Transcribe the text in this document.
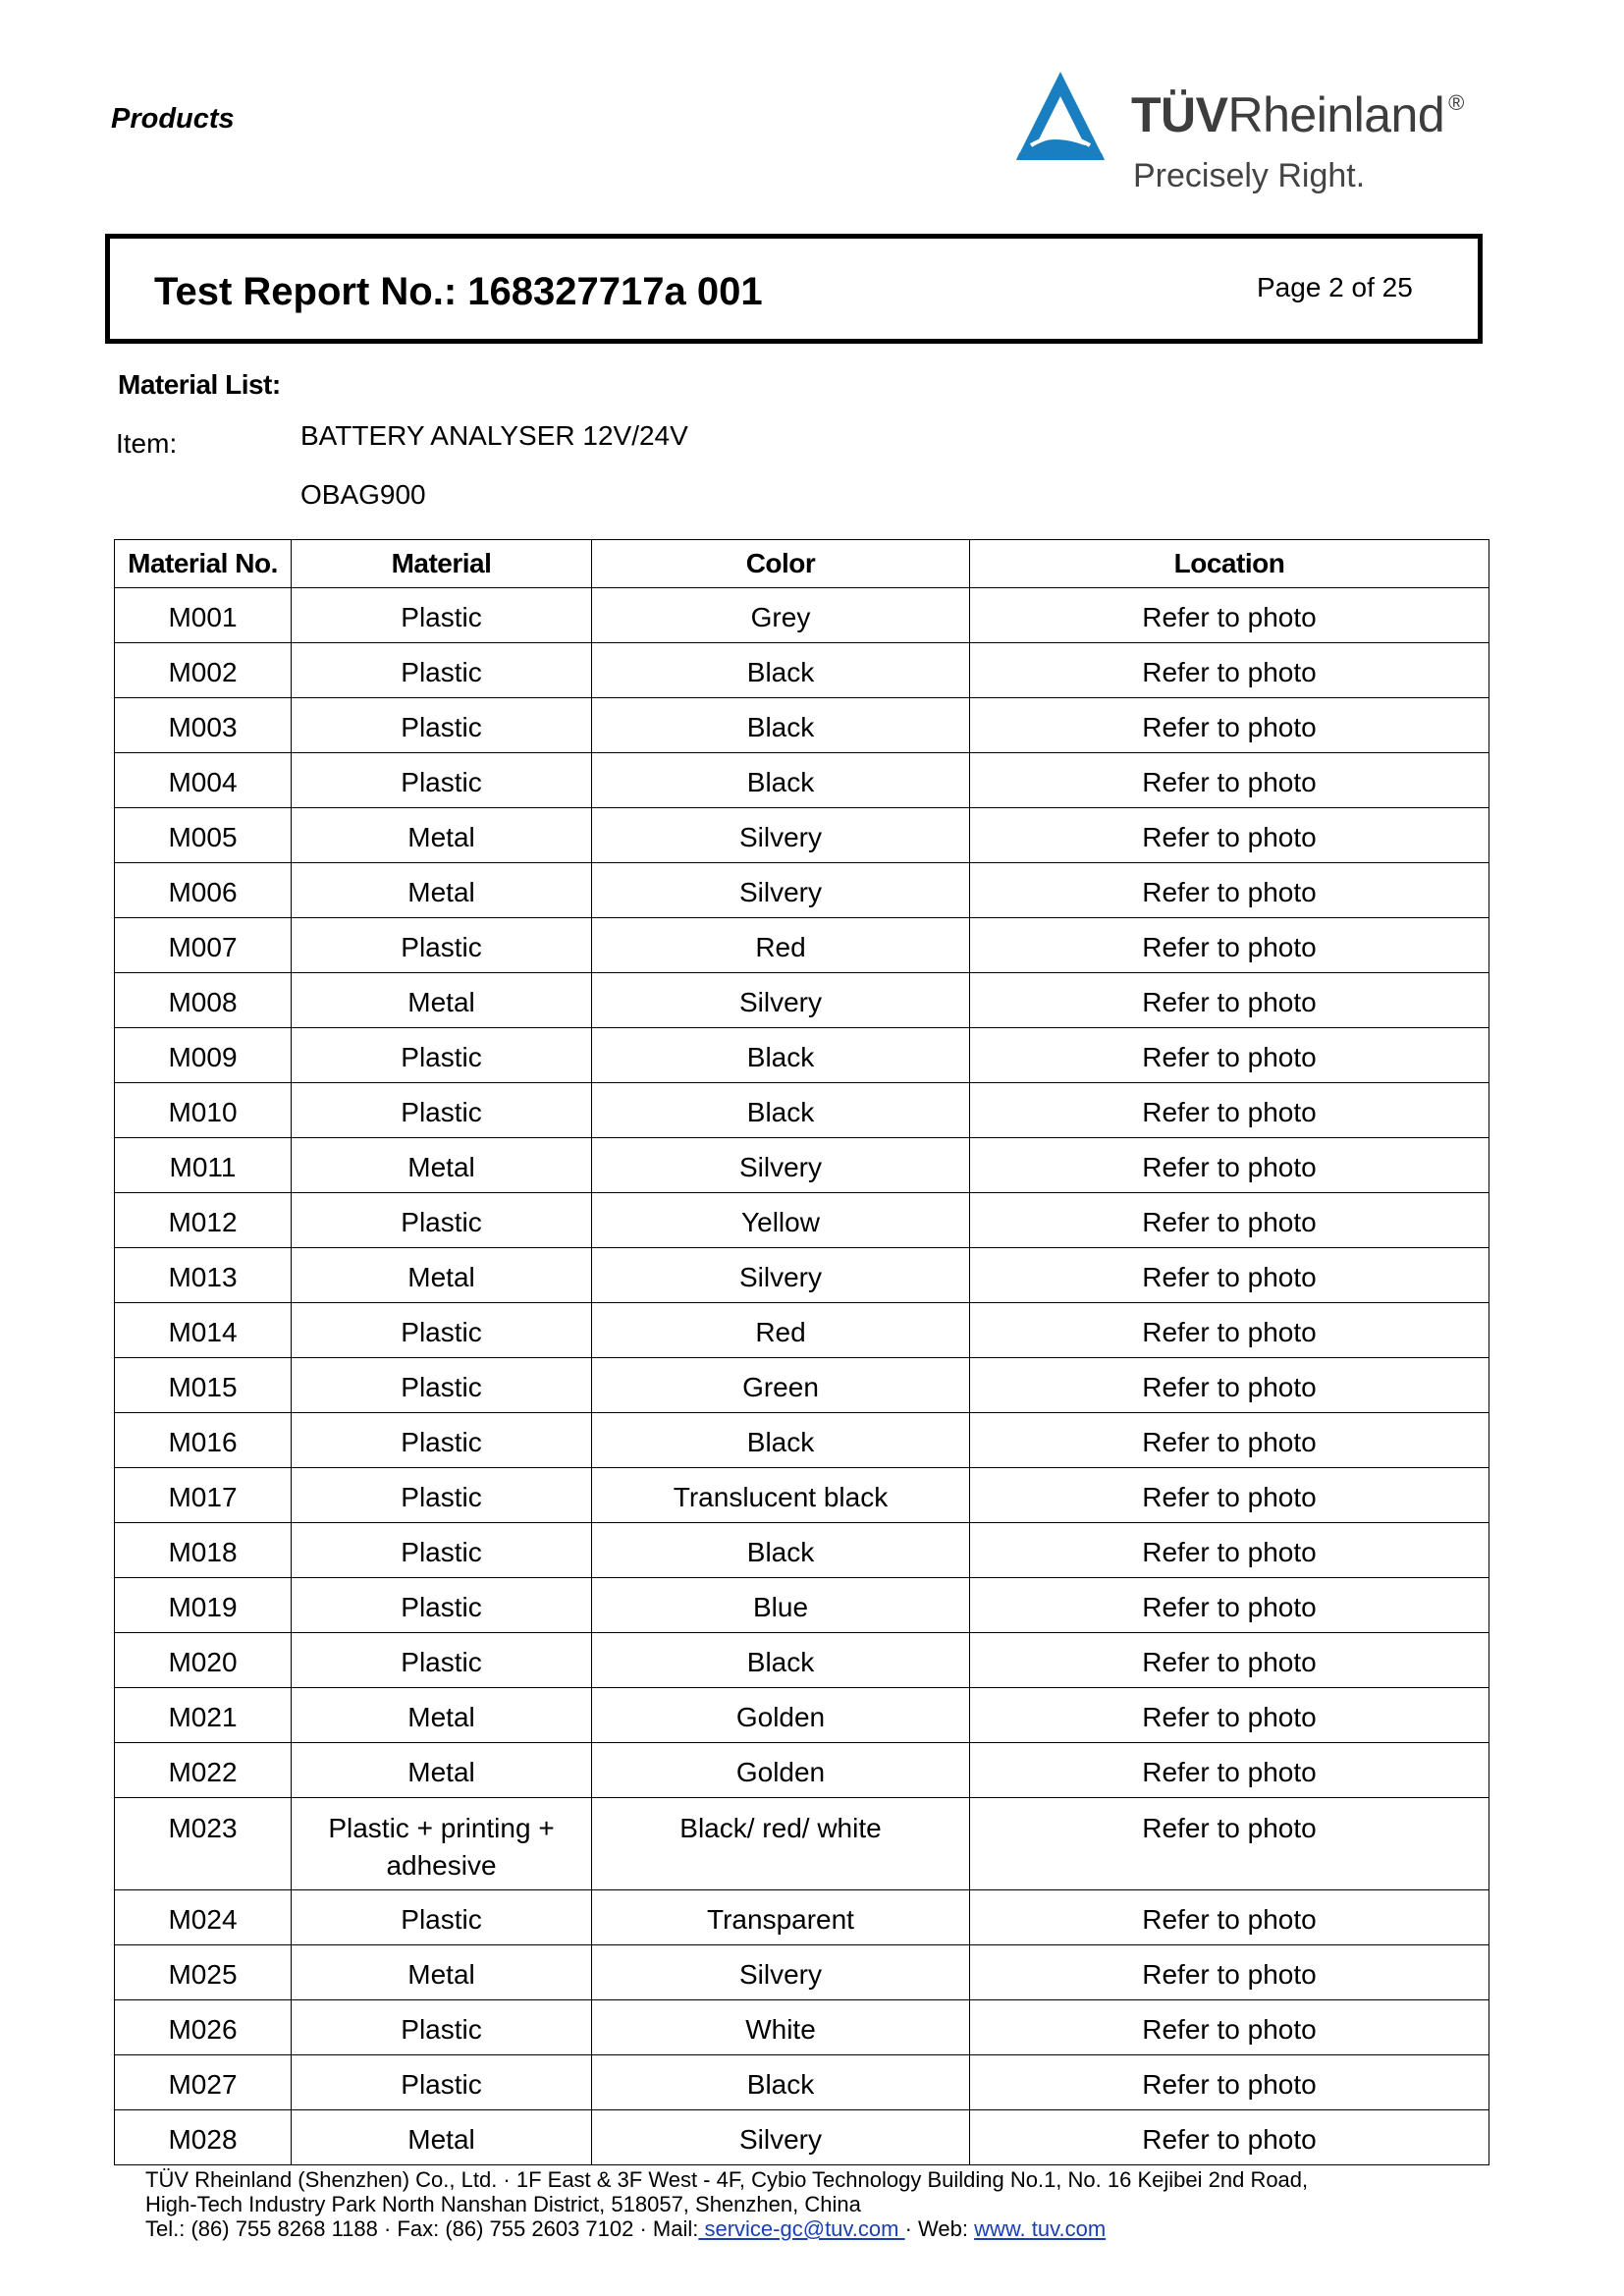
Products	TÜVRheinland ®
Precisely Right.
Test Report No.: 168327717a 001	Page 2 of 25
Material List:
Item:	BATTERY ANALYSER 12V/24V
OBAG900
Material No.	Material	Color	Location
M001	Plastic	Grey	Refer to photo
M002	Plastic	Black	Refer to photo
M003	Plastic	Black	Refer to photo
M004	Plastic	Black	Refer to photo
M005	Metal	Silvery	Refer to photo
M006	Metal	Silvery	Refer to photo
M007	Plastic	Red	Refer to photo
M008	Metal	Silvery	Refer to photo
M009	Plastic	Black	Refer to photo
M010	Plastic	Black	Refer to photo
M011	Metal	Silvery	Refer to photo
M012	Plastic	Yellow	Refer to photo
M013	Metal	Silvery	Refer to photo
M014	Plastic	Red	Refer to photo
M015	Plastic	Green	Refer to photo
M016	Plastic	Black	Refer to photo
M017	Plastic	Translucent black	Refer to photo
M018	Plastic	Black	Refer to photo
M019	Plastic	Blue	Refer to photo
M020	Plastic	Black	Refer to photo
M021	Metal	Golden	Refer to photo
M022	Metal	Golden	Refer to photo
M023	Plastic + printing + adhesive	Black/ red/ white	Refer to photo
M024	Plastic	Transparent	Refer to photo
M025	Metal	Silvery	Refer to photo
M026	Plastic	White	Refer to photo
M027	Plastic	Black	Refer to photo
M028	Metal	Silvery	Refer to photo
TÜV Rheinland (Shenzhen) Co., Ltd. · 1F East & 3F West - 4F, Cybio Technology Building No.1, No. 16 Kejibei 2nd Road,
High-Tech Industry Park North Nanshan District, 518057, Shenzhen, China
Tel.: (86) 755 8268 1188 · Fax: (86) 755 2603 7102 · Mail: service-gc@tuv.com · Web: www. tuv.com
